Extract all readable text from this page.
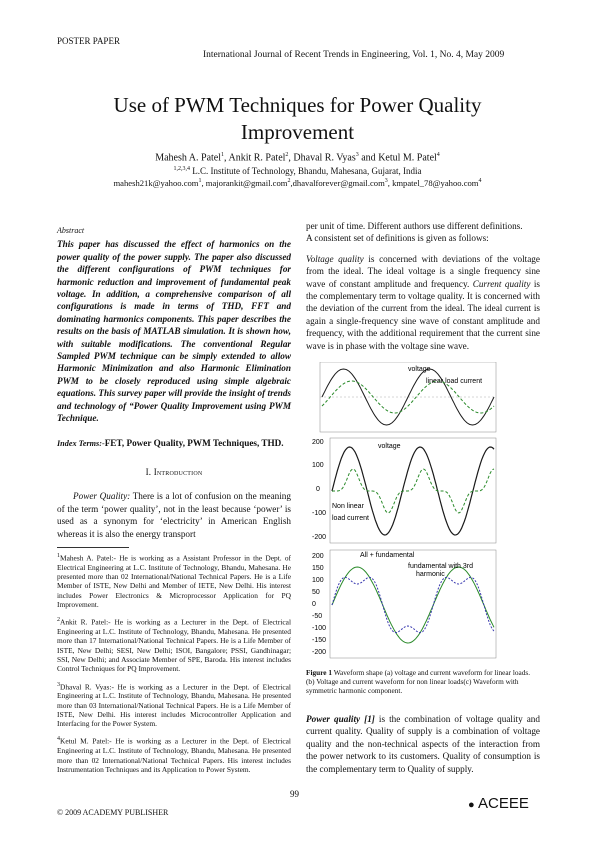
POSTER PAPER
International Journal of Recent Trends in Engineering, Vol. 1, No. 4, May 2009
Use of PWM Techniques for Power Quality Improvement
Mahesh A. Patel$^1$, Ankit R. Patel$^2$, Dhaval R. Vyas$^3$ and Ketul M. Patel$^4$
$^{1,2,3,4}$ L.C. Institute of Technology, Bhandu, Mahesana, Gujarat, India
mahesh21k@yahoo.com$^1$, majorankit@gmail.com$^2$,dhavalforever@gmail.com$^3$, kmpatel_78@yahoo.com$^4$
Abstract

This paper has discussed the effect of harmonics on the power quality of the power supply. The paper also discussed the different configurations of PWM techniques for harmonic reduction and improvement of fundamental peak voltage. In addition, a comprehensive comparison of all configurations is made in terms of THD, FFT and dominating harmonics components. This paper describes the results on the basis of MATLAB simulation. It is shown how, with suitable modifications. The conventional Regular Sampled PWM technique can be simply extended to allow Harmonic Minimization and also Harmonic Elimination PWM to be closely reproduced using simple algebraic equations. This survey paper will provide the insight of trends and technology of “Power Quality Improvement using PWM Technique.

Index Terms:-FET, Power Quality, PWM Techniques, THD.

I. Introduction

Power Quality: There is a lot of confusion on the meaning of the term ‘power quality’, not in the least because ‘power’ is used as a synonym for ‘electricity’ in American English whereas it is also the energy transport

$^1$Mahesh A. Patel:- He is working as a Assistant Professor in the Dept. of Electrical Engineering at L.C. Institute of Technology, Bhandu, Mahesana. He presented more than 02 International/National Technical Papers. He is a Life Member of ISTE, New Delhi and Member of IETE, New Delhi. His interest includes Power Electronics & Microprocessor Application for PQ Improvement.

$^2$Ankit R. Patel:- He is working as a Lecturer in the Dept. of Electrical Engineering at L.C. Institute of Technology, Bhandu, Mahesana. He presented more than 17 International/National Technical Papers. He is a Life Member of ISTE, New Delhi; SESI, New Delhi; ISOI, Bangalore; PSSI, Gandhinagar; SSI, New Delhi; and Associate Member of SPE, Baroda. His interest includes Control Techniques for PQ Improvement.

$^3$Dhaval R. Vyas:- He is working as a Lecturer in the Dept. of Electrical Engineering at L.C. Institute of Technology, Bhandu, Mahesana. He presented more than 03 International/National Technical Papers. He is a Life Member of ISTE, New Delhi. His interest includes Microcontroller Application and Interfacing for the Power System.

$^4$Ketul M. Patel:- He is working as a Lecturer in the Dept. of Electrical Engineering at L.C. Institute of Technology, Bhandu, Mahesana. He presented more than 02 International/National Technical Papers. His interest includes Instrumentation Techniques and its Application to Power System.

per unit of time. Different authors use different definitions.

A consistent set of definitions is given as follows:

Voltage quality is concerned with deviations of the voltage from the ideal. The ideal voltage is a single frequency sine wave of constant amplitude and frequency. Current quality is the complementary term to voltage quality. It is concerned with the deviation of the current from the ideal. The ideal current is again a single-frequency sine wave of constant amplitude and frequency, with the additional requirement that the current sine wave is in phase with the voltage sine wave.

voltage
linear load current
200
100
0
-100
-200
voltage
Non linear
load current
200
150
100
50
0
-50
-100
-150
-200
All + fundamental
fundamental with 3rd
harmonic
Figure 1 Waveform shape (a) voltage and current waveform for linear loads. (b) Voltage and current waveform for non linear loads(c) Waveform with symmetric harmonic component.
Power quality [1] is the combination of voltage quality and current quality. Quality of supply is a combination of voltage quality and the non-technical aspects of the interaction from the power network to its customers. Quality of consumption is the complementary term to Quality of supply.
99
© 2009 ACADEMY PUBLISHER
● ACEEE
